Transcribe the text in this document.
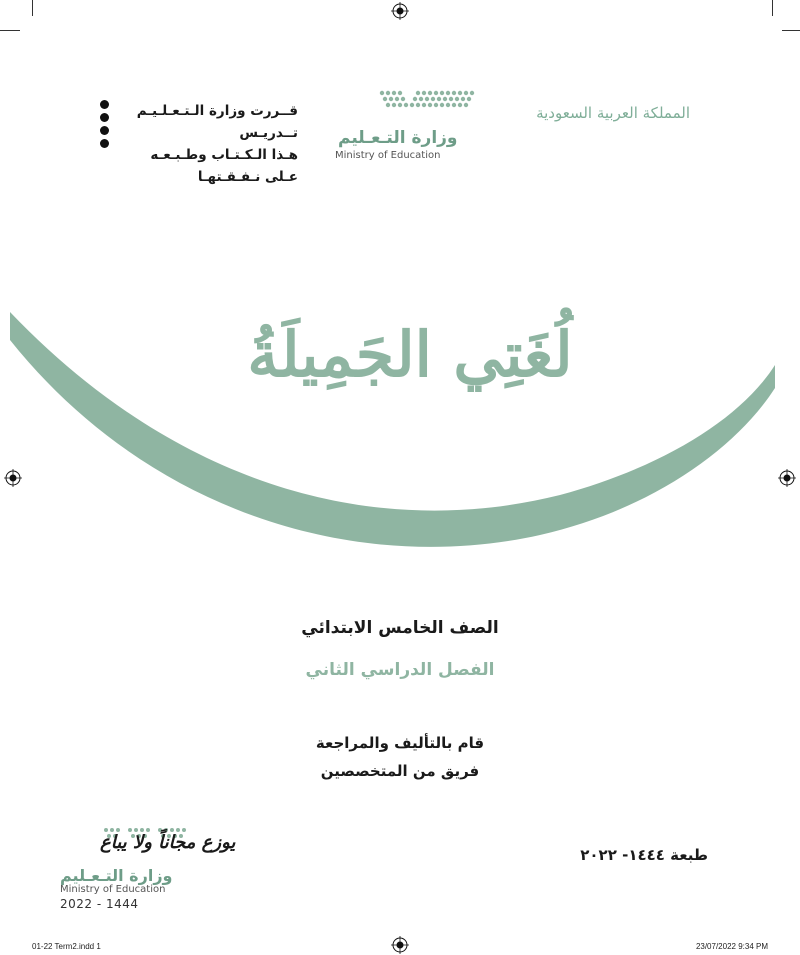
المملكة العربية السعودية
وزارة التـعـليم
Ministry of Education
قــررت وزارة الـتـعـلـيـم تــدريـس
هـذا الـكـتـاب وطـبـعـه عـلى نـفـقـتهـا
لُغَتِي الجَمِيلَةُ
الصف الخامس الابتدائي
الفصل الدراسي الثاني
قام بالتأليف والمراجعة
فريق من المتخصصين
طبعة ١٤٤٤- ٢٠٢٢
يوزع مجاناً ولا يباع
وزارة التـعـليم
Ministry of Education
2022 - 1444
01-22 Term2.indd 1	23/07/2022 9:34 PM
